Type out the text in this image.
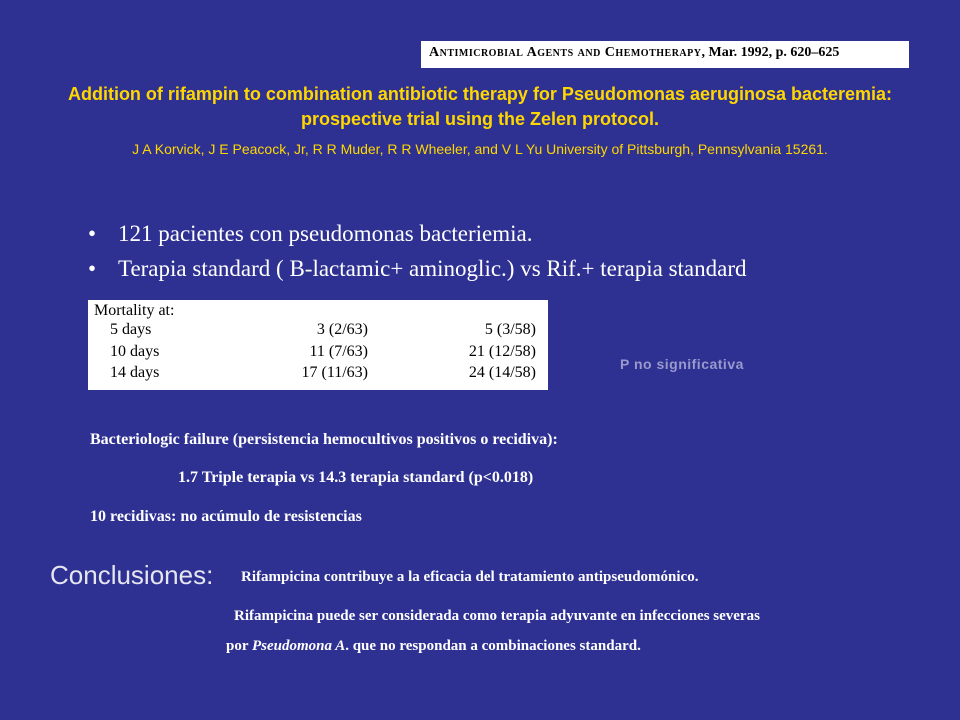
Antimicrobial Agents and Chemotherapy, Mar. 1992, p. 620–625
Addition of rifampin to combination antibiotic therapy for Pseudomonas aeruginosa bacteremia: prospective trial using the Zelen protocol.
J A Korvick, J E Peacock, Jr, R R Muder, R R Wheeler, and V L Yu University of Pittsburgh, Pennsylvania 15261.
• 121 pacientes con pseudomonas bacteriemia.
• Terapia standard ( B-lactamic+ aminoglic.) vs Rif.+ terapia standard
Mortality at:
5 days	3 (2/63)	5 (3/58)
10 days	11 (7/63)	21 (12/58)
14 days	17 (11/63)	24 (14/58)	P no significativa
Bacteriologic failure (persistencia hemocultivos positivos o recidiva):
1.7 Triple terapia vs 14.3 terapia standard (p<0.018)
10 recidivas: no acúmulo de resistencias
Conclusiones: Rifampicina contribuye a la eficacia del tratamiento antipseudomónico.
Rifampicina puede ser considerada como terapia adyuvante en infecciones severas
por Pseudomona A. que no respondan a combinaciones standard.
